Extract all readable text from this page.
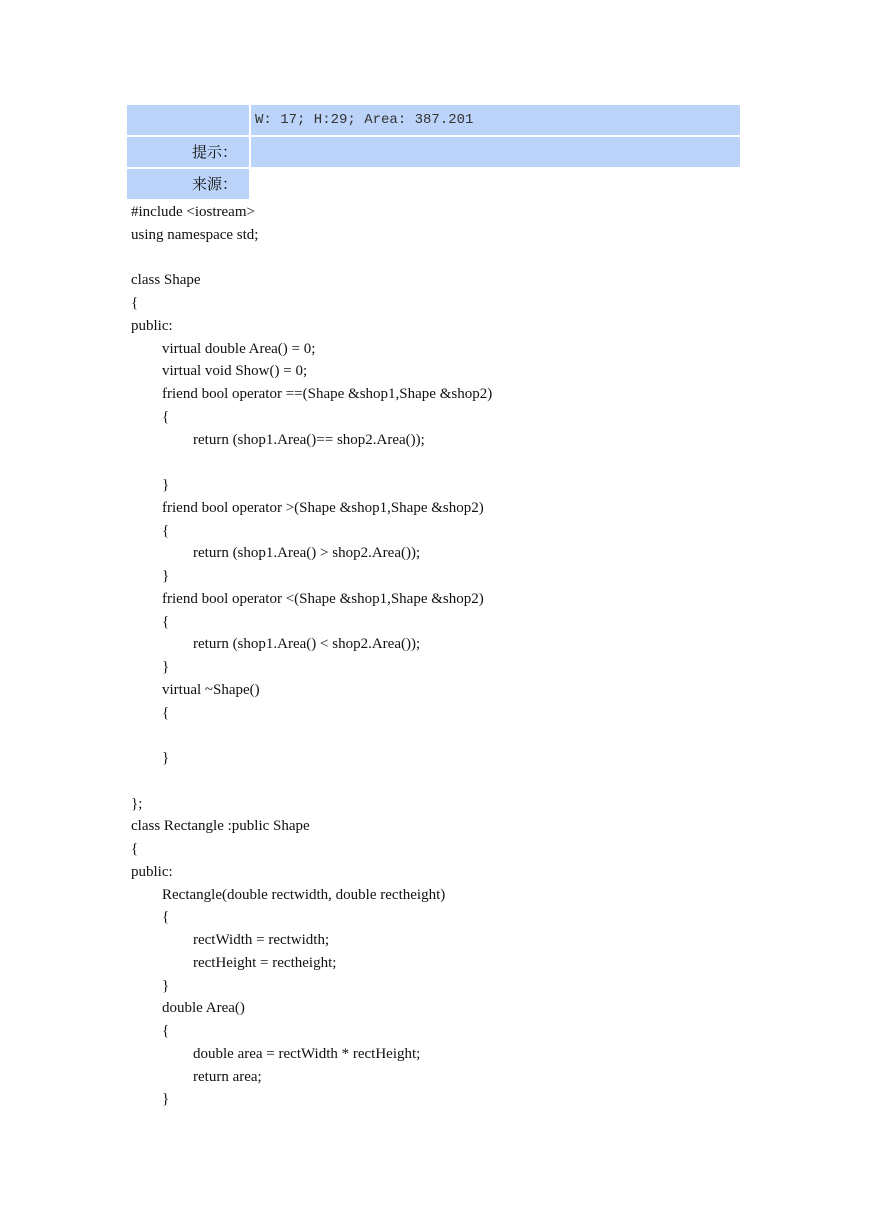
W: 17; H:29; Area: 387.201
提示：
来源：
#include <iostream>
using namespace std;
class Shape
{
public:
virtual double Area() = 0;
virtual void Show() = 0;
friend bool operator ==(Shape &shop1,Shape &shop2)
{
return (shop1.Area()== shop2.Area());
}
friend bool operator >(Shape &shop1,Shape &shop2)
{
return (shop1.Area() > shop2.Area());
}
friend bool operator <(Shape &shop1,Shape &shop2)
{
return (shop1.Area() < shop2.Area());
}
virtual ~Shape()
{
}
};
class Rectangle :public Shape
{
public:
Rectangle(double rectwidth, double rectheight)
{
rectWidth = rectwidth;
rectHeight = rectheight;
}
double Area()
{
double area = rectWidth * rectHeight;
return area;
}
